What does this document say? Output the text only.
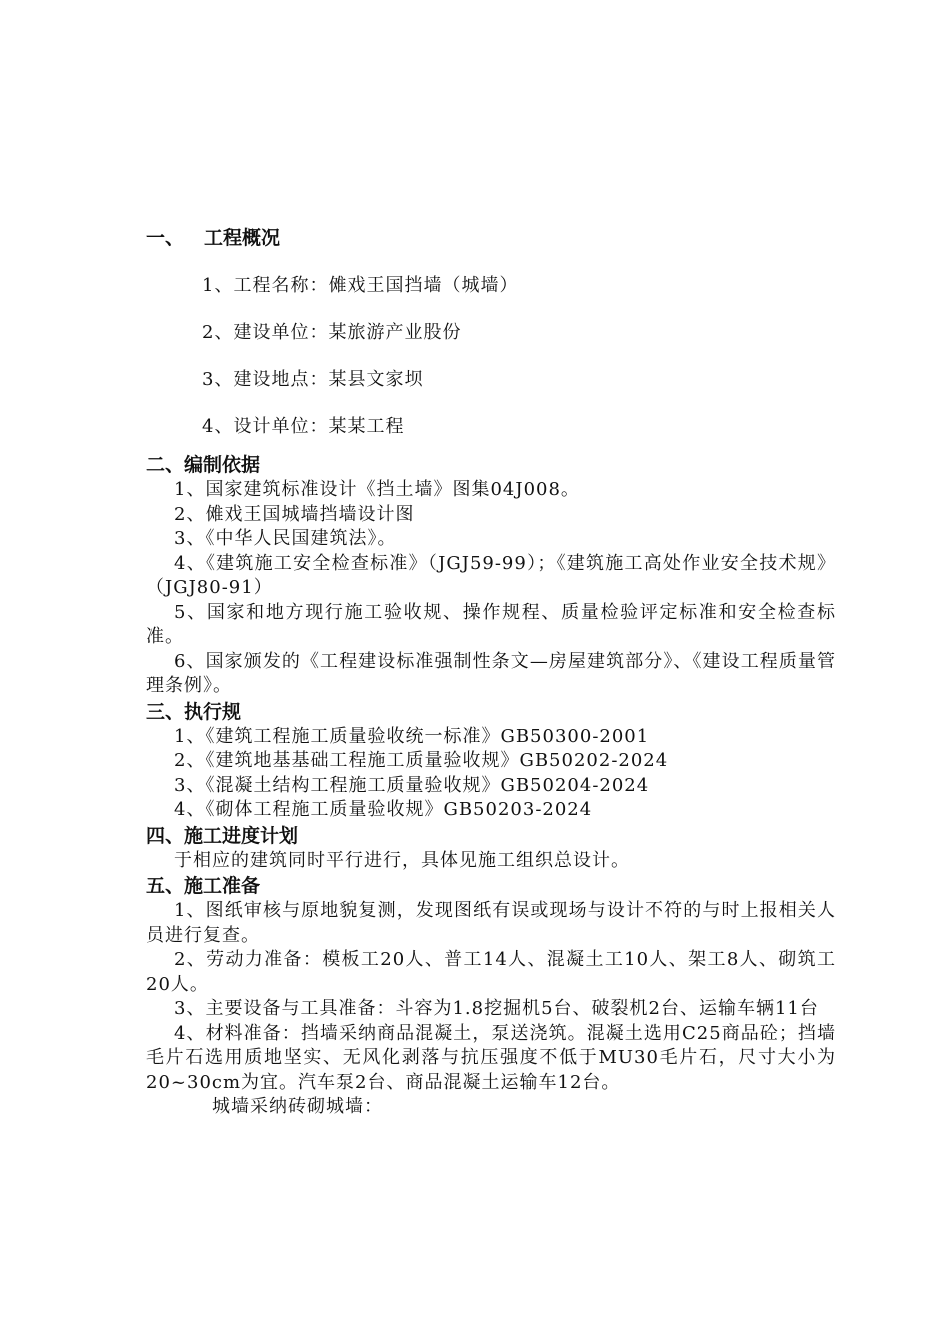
一、 工程概况
1、工程名称：傩戏王国挡墙（城墙）
2、建设单位：某旅游产业股份
3、建设地点：某县文家坝
4、设计单位：某某工程
二、编制依据
1、国家建筑标准设计《挡土墙》图集04J008。
2、傩戏王国城墙挡墙设计图
3、《中华人民国建筑法》。
4、《建筑施工安全检查标准》（JGJ59-99）；《建筑施工高处作业安全技术规》（JGJ80-91）
5、国家和地方现行施工验收规、操作规程、质量检验评定标准和安全检查标准。
6、国家颁发的《工程建设标准强制性条文—房屋建筑部分》、《建设工程质量管理条例》。
三、执行规
1、《建筑工程施工质量验收统一标准》GB50300-2001
2、《建筑地基基础工程施工质量验收规》GB50202-2024
3、《混凝土结构工程施工质量验收规》GB50204-2024
4、《砌体工程施工质量验收规》GB50203-2024
四、施工进度计划
于相应的建筑同时平行进行，具体见施工组织总设计。
五、施工准备
1、图纸审核与原地貌复测，发现图纸有误或现场与设计不符的与时上报相关人员进行复查。
2、劳动力准备：模板工20人、普工14人、混凝土工10人、架工8人、砌筑工20人。
3、主要设备与工具准备：斗容为1.8挖掘机5台、破裂机2台、运输车辆11台
4、材料准备：挡墙采纳商品混凝土，泵送浇筑。混凝土选用C25商品砼；挡墙毛片石选用质地坚实、无风化剥落与抗压强度不低于MU30毛片石，尺寸大小为20~30cm为宜。汽车泵2台、商品混凝土运输车12台。
城墙采纳砖砌城墙：
